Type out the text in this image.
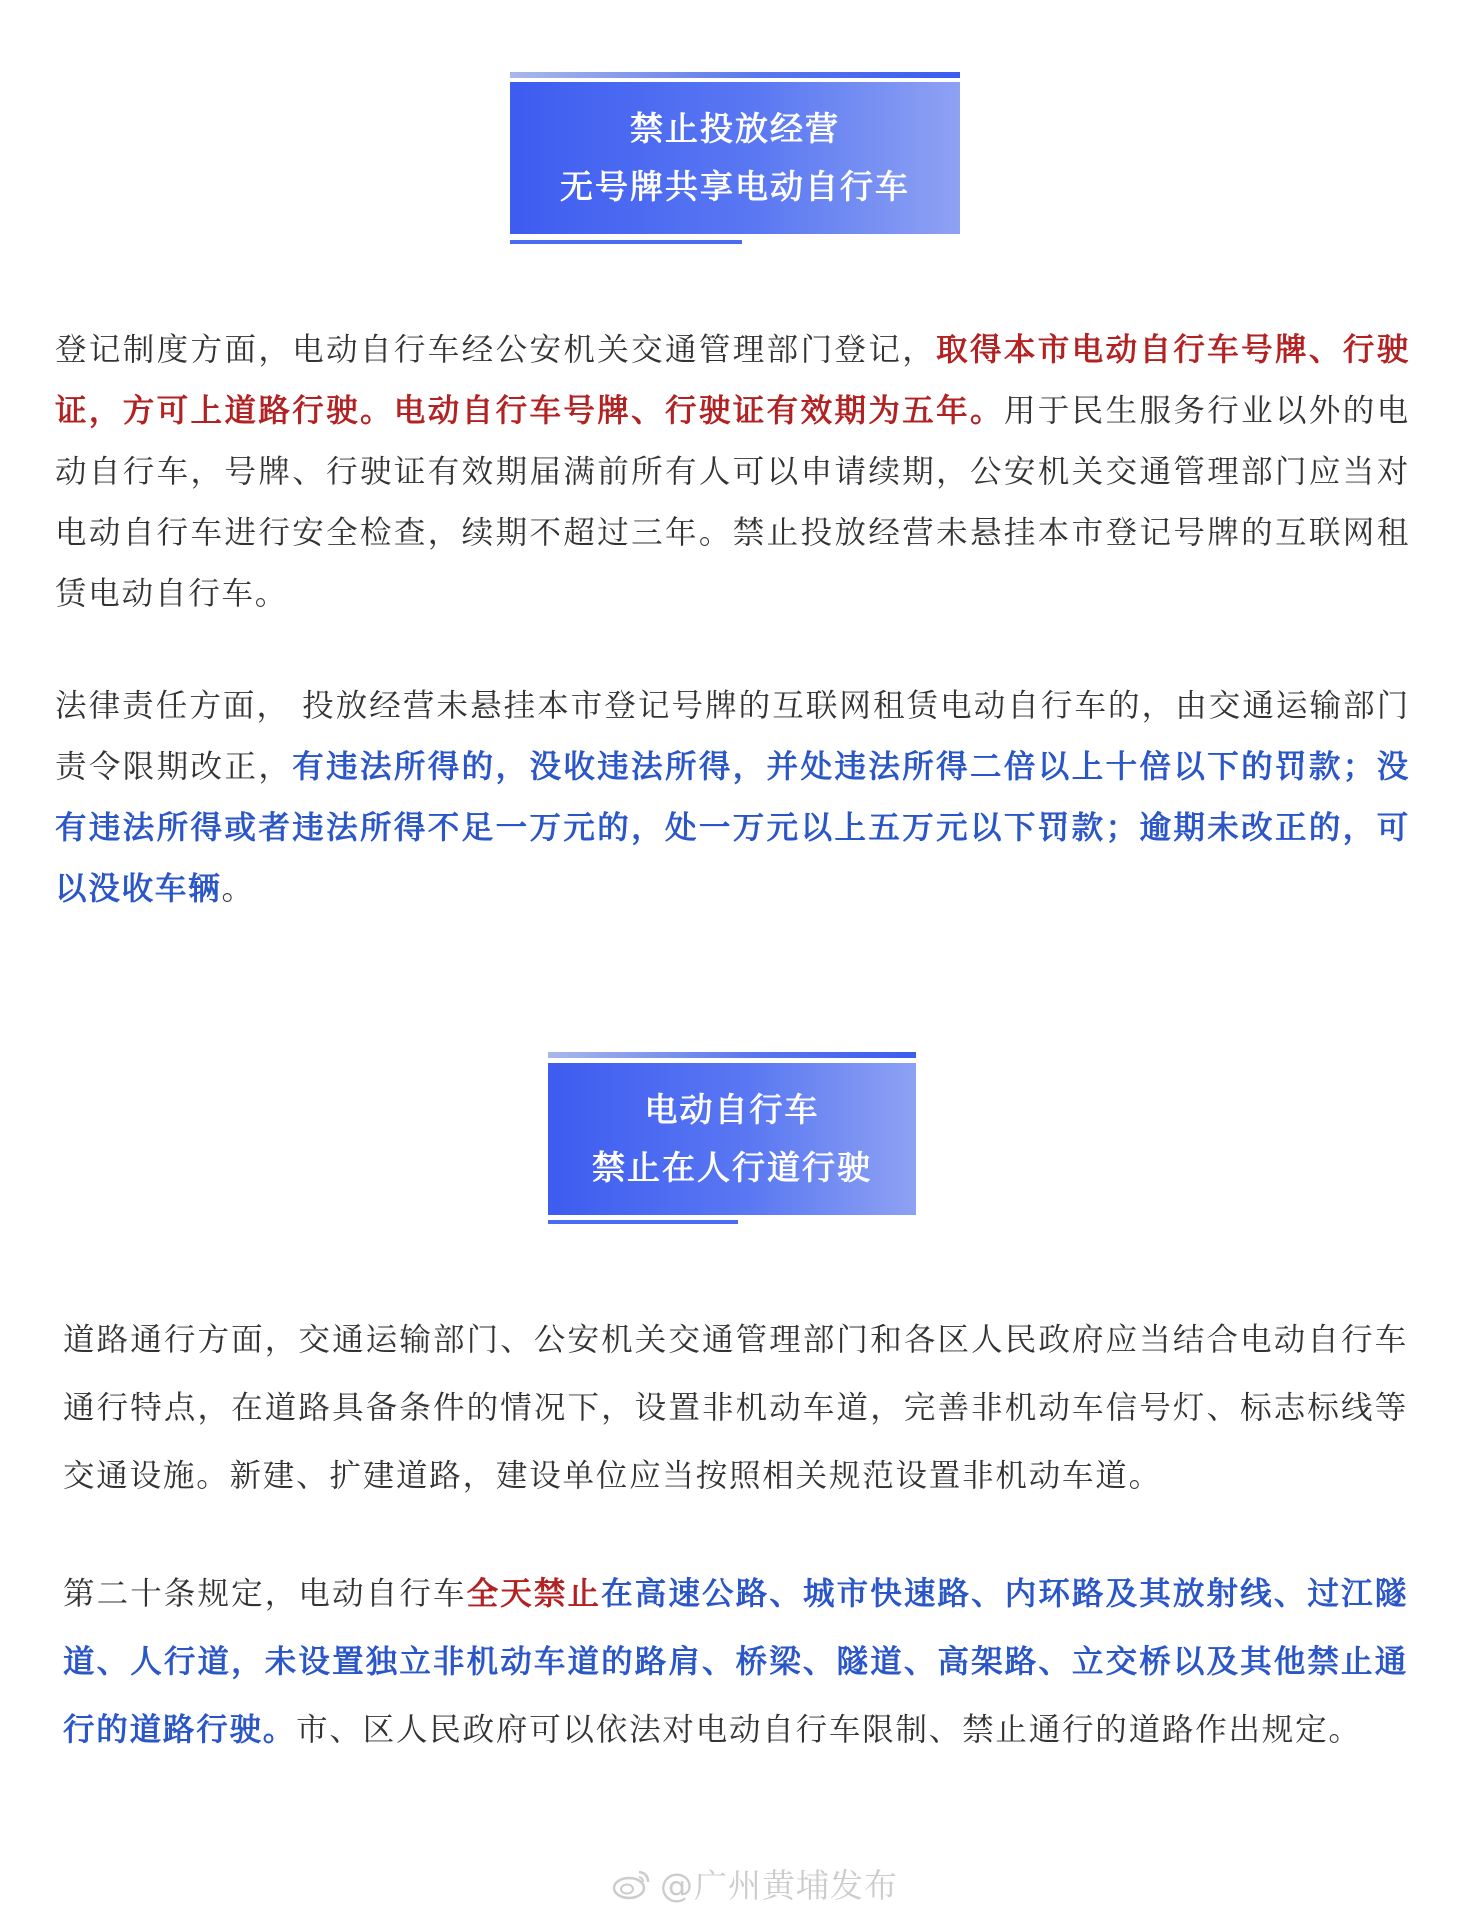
禁止投放经营
无号牌共享电动自行车
登记制度方面，电动自行车经公安机关交通管理部门登记，取得本市电动自行车号牌、行驶证，方可上道路行驶。电动自行车号牌、行驶证有效期为五年。用于民生服务行业以外的电动自行车，号牌、行驶证有效期届满前所有人可以申请续期，公安机关交通管理部门应当对电动自行车进行安全检查，续期不超过三年。禁止投放经营未悬挂本市登记号牌的互联网租赁电动自行车。
法律责任方面， 投放经营未悬挂本市登记号牌的互联网租赁电动自行车的，由交通运输部门责令限期改正，有违法所得的，没收违法所得，并处违法所得二倍以上十倍以下的罚款；没有违法所得或者违法所得不足一万元的，处一万元以上五万元以下罚款；逾期未改正的，可以没收车辆。
电动自行车
禁止在人行道行驶
道路通行方面，交通运输部门、公安机关交通管理部门和各区人民政府应当结合电动自行车通行特点，在道路具备条件的情况下，设置非机动车道，完善非机动车信号灯、标志标线等交通设施。新建、扩建道路，建设单位应当按照相关规范设置非机动车道。
第二十条规定，电动自行车全天禁止在高速公路、城市快速路、内环路及其放射线、过江隧道、人行道，未设置独立非机动车道的路肩、桥梁、隧道、高架路、立交桥以及其他禁止通行的道路行驶。市、区人民政府可以依法对电动自行车限制、禁止通行的道路作出规定。
@广州黄埔发布
